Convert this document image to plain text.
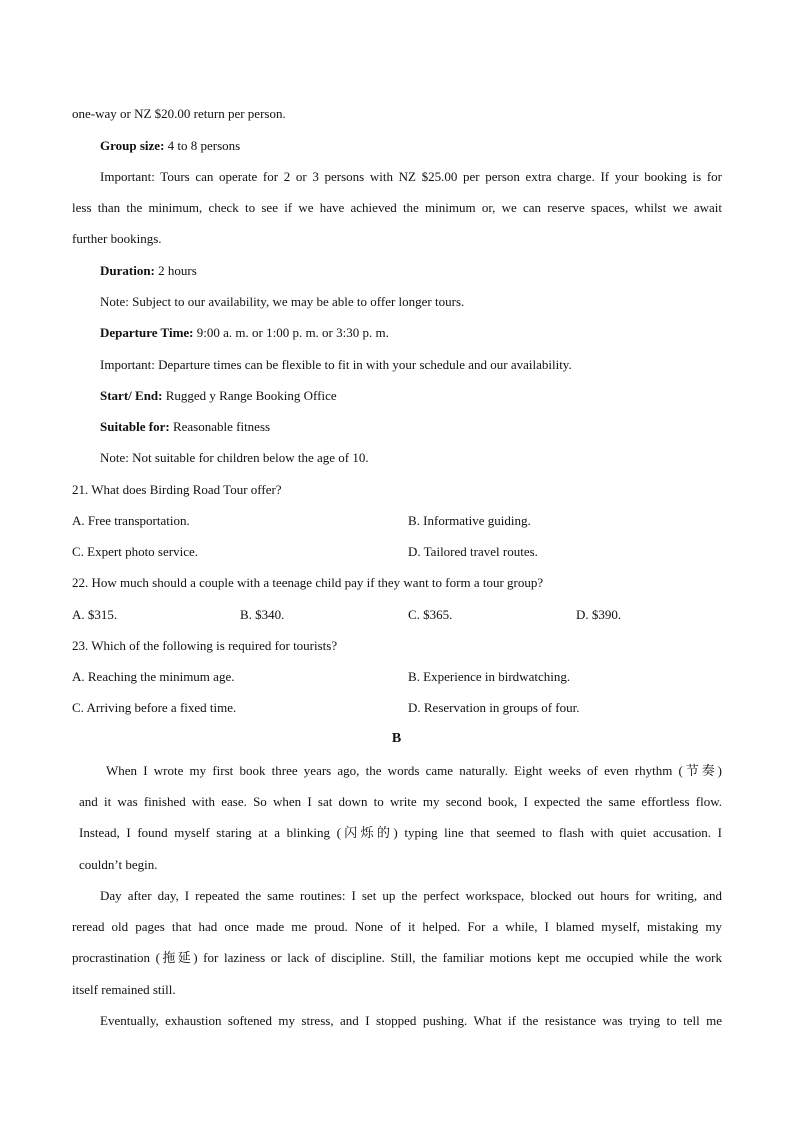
one-way or NZ $20.00 return per person.
Group size: 4 to 8 persons
Important: Tours can operate for 2 or 3 persons with NZ $25.00 per person extra charge. If your booking is for
less than the minimum, check to see if we have achieved the minimum or, we can reserve spaces, whilst we await
further bookings.
Duration: 2 hours
Note: Subject to our availability, we may be able to offer longer tours.
Departure Time: 9:00 a. m. or 1:00 p. m. or 3:30 p. m.
Important: Departure times can be flexible to fit in with your schedule and our availability.
Start/ End: Rugged y Range Booking Office
Suitable for: Reasonable fitness
Note: Not suitable for children below the age of 10.
21. What does Birding Road Tour offer?
A. Free transportation.	B. Informative guiding.
C. Expert photo service.	D. Tailored travel routes.
22. How much should a couple with a teenage child pay if they want to form a tour group?
A. $315.	B. $340.	C. $365.	D. $390.
23. Which of the following is required for tourists?
A. Reaching the minimum age.	B. Experience in birdwatching.
C. Arriving before a fixed time.	D. Reservation in groups of four.
B
When I wrote my first book three years ago, the words came naturally. Eight weeks of even rhythm (节奏)
and it was finished with ease. So when I sat down to write my second book, I expected the same effortless flow.
Instead, I found myself staring at a blinking (闪烁的) typing line that seemed to flash with quiet accusation. I
couldn’t begin.
Day after day, I repeated the same routines: I set up the perfect workspace, blocked out hours for writing, and
reread old pages that had once made me proud. None of it helped. For a while, I blamed myself, mistaking my
procrastination (拖延) for laziness or lack of discipline. Still, the familiar motions kept me occupied while the work
itself remained still.
Eventually, exhaustion softened my stress, and I stopped pushing. What if the resistance was trying to tell me
